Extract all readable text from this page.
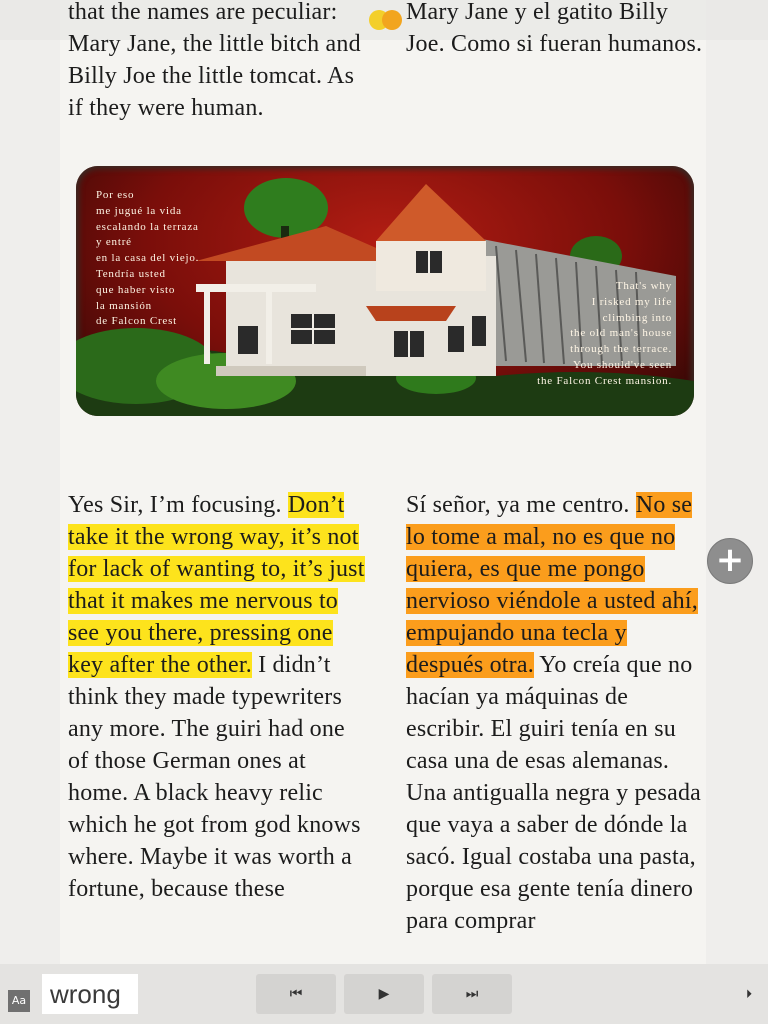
that the names are peculiar: Mary Jane, the little bitch and Billy Joe the little tomcat. As if they were human.

Mary Jane y el gatito Billy Joe. Como si fueran humanos.

Por eso
me jugué la vida
escalando la terraza
y entré
en la casa del viejo.
Tendría usted
que haber visto
la mansión
de Falcon Crest

That's why
I risked my life
climbing into
the old man's house
through the terrace.
You should've seen
the Falcon Crest mansion.

Yes Sir, I’m focusing. Don’t take it the wrong way, it’s not for lack of wanting to, it’s just that it makes me nervous to see you there, pressing one key after the other. I didn’t think they made typewriters any more. The guiri had one of those German ones at home. A black heavy relic which he got from god knows where. Maybe it was worth a fortune, because these

Sí señor, ya me centro. No se lo tome a mal, no es que no quiera, es que me pongo nervioso viéndole a usted ahí, empujando una tecla y después otra. Yo creía que no hacían ya máquinas de escribir. El guiri tenía en su casa una de esas alemanas. Una antigualla negra y pesada que vaya a saber de dónde la sacó. Igual costaba una pasta, porque esa gente tenía dinero para comprar

+
Aa
wrong	⏮	▶	⏭	⏵
